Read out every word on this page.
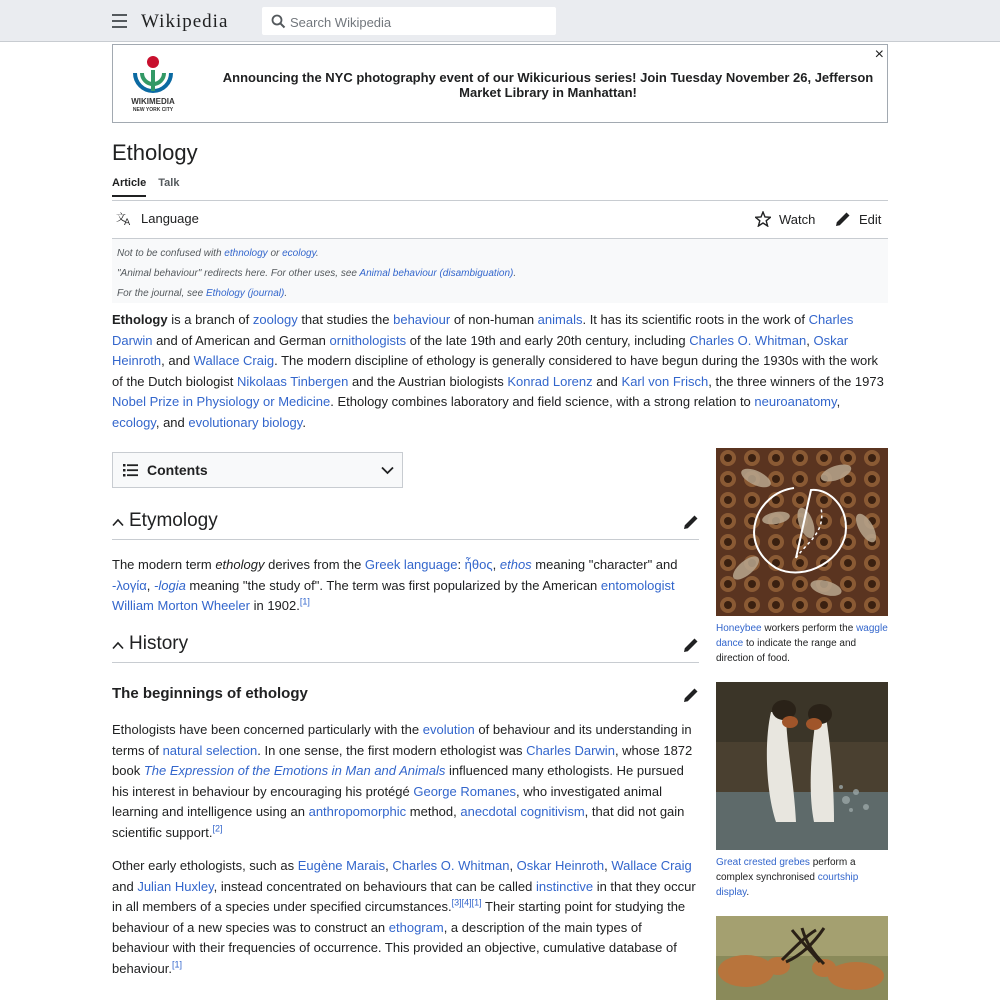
Wikipedia
Search Wikipedia
WIKIMEDIA
NEW YORK CITY
Announcing the NYC photography event of our Wikicurious series! Join Tuesday November 26, Jefferson Market Library in Manhattan!
×
Ethology
Article Talk
文
A Language	Watch	Edit
Not to be confused with ethnology or ecology.
"Animal behaviour" redirects here. For other uses, see Animal behaviour (disambiguation).
For the journal, see Ethology (journal).

Ethology is a branch of zoology that studies the behaviour of non-human animals. It has its scientific roots in the work of Charles Darwin and of American and German ornithologists of the late 19th and early 20th century, including Charles O. Whitman, Oskar Heinroth, and Wallace Craig. The modern discipline of ethology is generally considered to have begun during the 1930s with the work of the Dutch biologist Nikolaas Tinbergen and the Austrian biologists Konrad Lorenz and Karl von Frisch, the three winners of the 1973 Nobel Prize in Physiology or Medicine. Ethology combines laboratory and field science, with a strong relation to neuroanatomy, ecology, and evolutionary biology.

Contents
Etymology

The modern term ethology derives from the Greek language: ἦθος, ethos meaning "character" and -λογία, -logia meaning "the study of". The term was first popularized by the American entomologist William Morton Wheeler in 1902.[1]

History
The beginnings of ethology

Ethologists have been concerned particularly with the evolution of behaviour and its understanding in terms of natural selection. In one sense, the first modern ethologist was Charles Darwin, whose 1872 book The Expression of the Emotions in Man and Animals influenced many ethologists. He pursued his interest in behaviour by encouraging his protégé George Romanes, who investigated animal learning and intelligence using an anthropomorphic method, anecdotal cognitivism, that did not gain scientific support.[2]

Other early ethologists, such as Eugène Marais, Charles O. Whitman, Oskar Heinroth, Wallace Craig and Julian Huxley, instead concentrated on behaviours that can be called instinctive in that they occur in all members of a species under specified circumstances.[3][4][1] Their starting point for studying the behaviour of a new species was to construct an ethogram, a description of the main types of behaviour with their frequencies of occurrence. This provided an objective, cumulative database of behaviour.[1]

Honeybee workers perform the waggle dance to indicate the range and direction of food.
Great crested grebes perform a complex synchronised courtship display.
